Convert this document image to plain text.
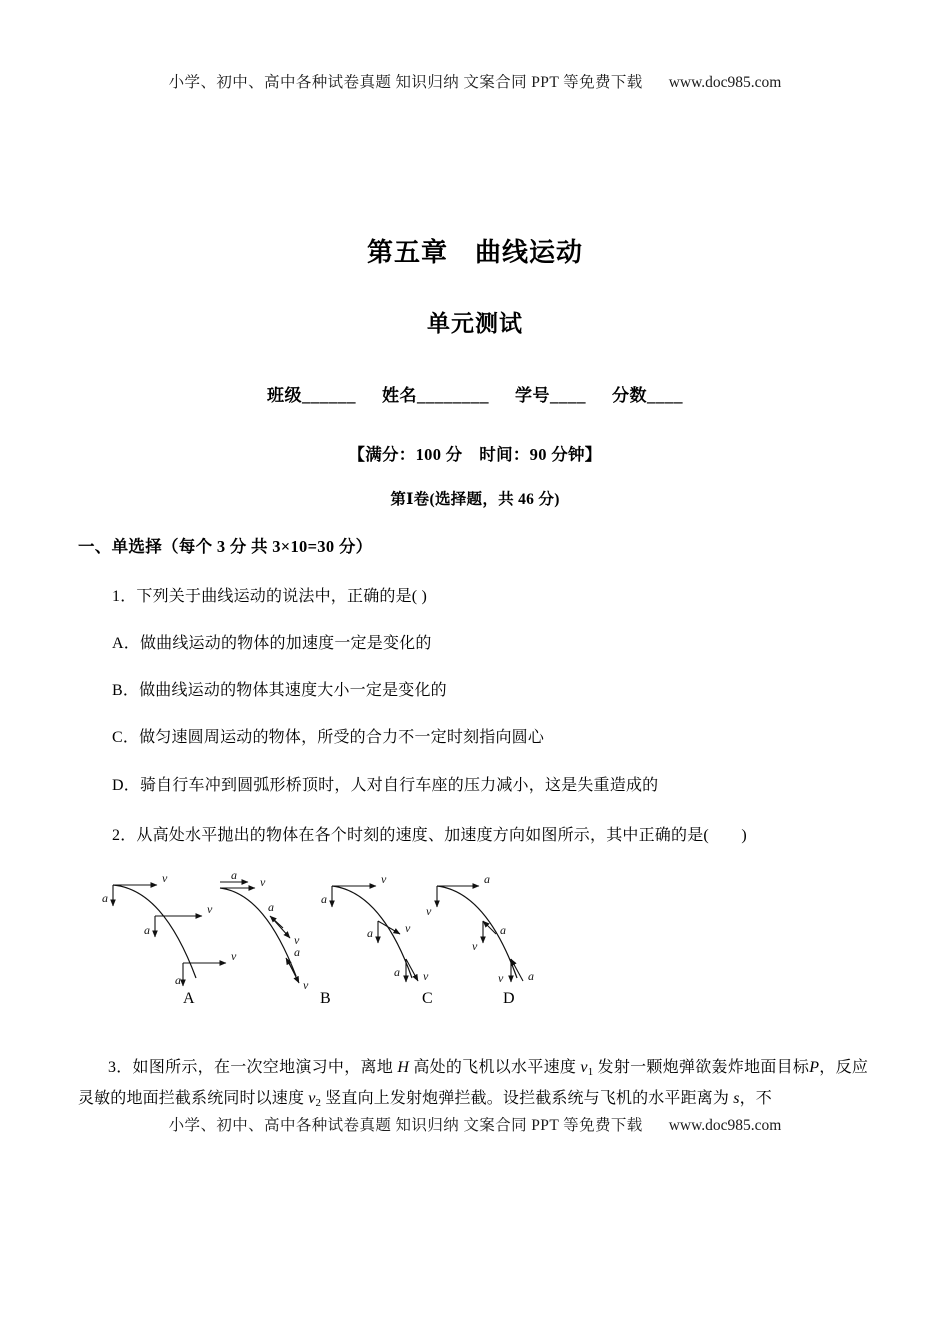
小学、初中、高中各种试卷真题 知识归纳 文案合同 PPT 等免费下载 www.doc985.com
第五章　曲线运动
单元测试
班级______ 姓名________ 学号____ 分数____
【满分：100 分　时间：90 分钟】
第Ⅰ卷(选择题，共 46 分)
一、单选择（每个 3 分 共 3×10=30 分）
1．下列关于曲线运动的说法中，正确的是( )
A．做曲线运动的物体的加速度一定是变化的
B．做曲线运动的物体其速度大小一定是变化的
C．做匀速圆周运动的物体，所受的合力不一定时刻指向圆心
D．骑自行车冲到圆弧形桥顶时，人对自行车座的压力减小，这是失重造成的
2．从高处水平抛出的物体在各个时刻的速度、加速度方向如图所示，其中正确的是(　　)
v
a
v
a
v
a
a v
a
v
a
v
v
a
v
a
v
a
a
v
a
v
a
v
A	B	C	D
3．如图所示，在一次空地演习中，离地 H 高处的飞机以水平速度 $v_1$ 发射一颗炮弹欲轰炸地面目标P，反应灵敏的地面拦截系统同时以速度 $v_2$ 竖直向上发射炮弹拦截。设拦截系统与飞机的水平距离为 s，不
小学、初中、高中各种试卷真题 知识归纳 文案合同 PPT 等免费下载 www.doc985.com
